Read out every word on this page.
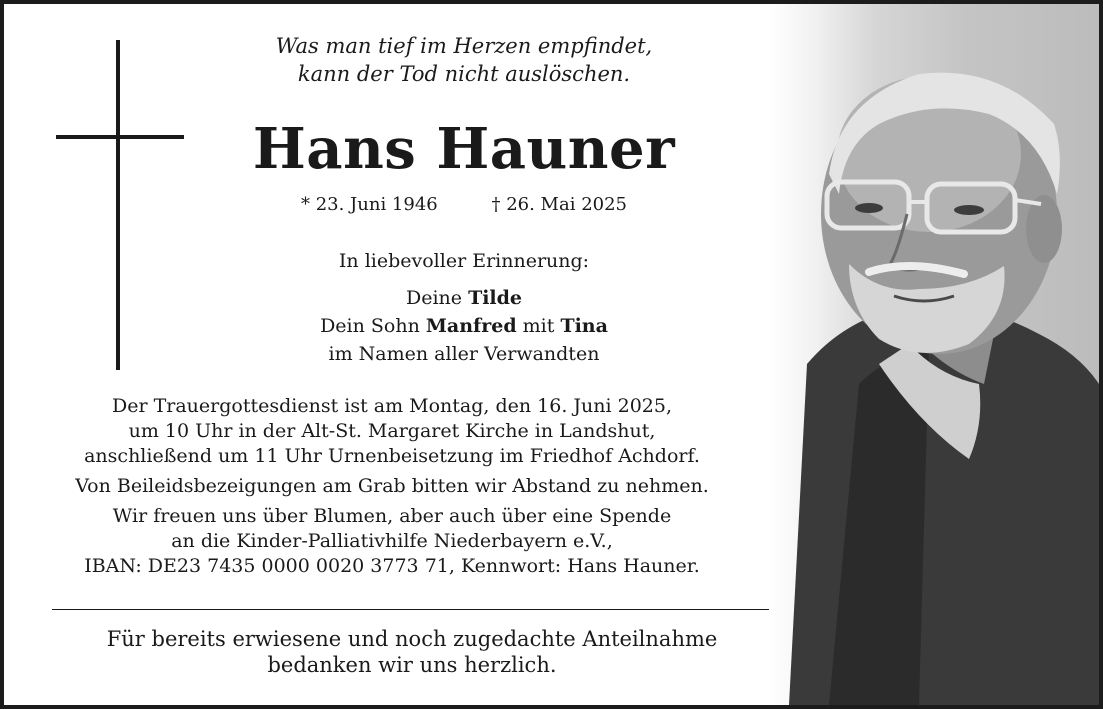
Was man tief im Herzen empfindet,
kann der Tod nicht auslöschen.
Hans Hauner
* 23. Juni 1946	† 26. Mai 2025
In liebevoller Erinnerung:
Deine Tilde
Dein Sohn Manfred mit Tina
im Namen aller Verwandten

Der Trauergottesdienst ist am Montag, den 16. Juni 2025,
um 10 Uhr in der Alt-St. Margaret Kirche in Landshut,
anschließend um 11 Uhr Urnenbeisetzung im Friedhof Achdorf.

Von Beileidsbezeigungen am Grab bitten wir Abstand zu nehmen.

Wir freuen uns über Blumen, aber auch über eine Spende
an die Kinder-Palliativhilfe Niederbayern e.V.,
IBAN: DE23 7435 0000 0020 3773 71, Kennwort: Hans Hauner.

Für bereits erwiesene und noch zugedachte Anteilnahme
bedanken wir uns herzlich.
